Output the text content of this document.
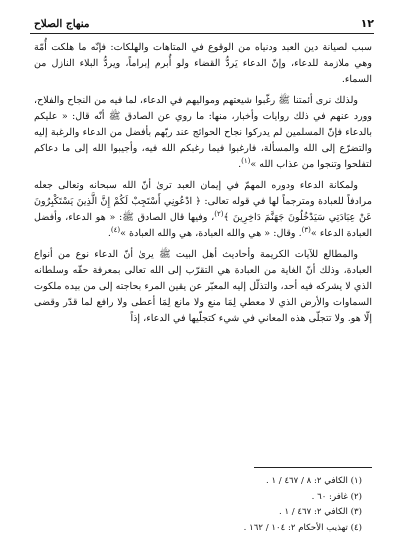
١٢
منهاج الصلاح

سبب لصيانة دين العبد ودنياه من الوقوع في المتاهات والهلكات: فإنّه ما هلكت أُمّة وهي ملازمة للدعاء، وإنّ الدعاء يَردُّ القضاء ولو أُبرم إبراماً، ويردُّ البلاء النازل من السماء.

ولذلك نرى أئمتنا ﷺ رغّبوا شيعتهم ومواليهم في الدعاء، لما فيه من النجاح والفلاح، وورد عنهم في ذلك روايات وأخبار، منها: ما روي عن الصادق ﷺ أنّه قال: « عليكم بالدعاء فإنّ المسلمين لم يدركوا نجاح الحوائج عند ربّهم بأفضل من الدعاء والرغبة إليه والتضرّع إلى الله والمسألة، فارغبوا فيما رغبكم الله فيه، وأجيبوا الله إلى ما دعاكم لتفلحوا وتنجوا من عذاب الله »$^{(١)}$.

ولمكانة الدعاء ودوره المهمّ في إيمان العبد ترىٰ أنّ الله سبحانه وتعالى جعله مرادفاً للعبادة ومترجماً لها في قوله تعالى: ﴿ ادْعُونِي أَسْتَجِبْ لَكُمْ إِنَّ الَّذِينَ يَسْتَكْبِرُونَ عَنْ عِبَادَتِي سَيَدْخُلُونَ جَهَنَّمَ دَاخِرِينَ ﴾$^{(٢)}$، وفيها قال الصادق ﷺ: « هو الدعاء، وأفضل العبادة الدعاء »$^{(٣)}$. وقال: « هي والله العبادة، هي والله العبادة »$^{(٤)}$.

والمطالع للآيات الكريمة وأحاديث أهل البيت ﷺ يرىٰ أنّ الدعاء نوع من أنواع العبادة، وذلك أنّ الغاية من العبادة هي التقرّب إلى الله تعالى بمعرفة حقّه وسلطانه الذي لا يشركه فيه أحد، والتذلّل إليه المعبّر عن يقين المرء بحاجته إلى من بيده ملكوت السماوات والأرض الذي لا معطي لِمَا منع ولا مانع لِمَا أعطى ولا رافع لما قدّر وقضى إلّا هو. ولا تتجلّى هذه المعاني في شيء كتجلّيها في الدعاء، إذاً

(١) الكافي ٢: ٨ / ٤٦٧ / ١ .

(٢) غافر: ٦٠ .

(٣) الكافي ٢: ٤٦٧ / ١ .

(٤) تهذيب الأحكام ٢: ١٠٤ / ١٦٢ .
